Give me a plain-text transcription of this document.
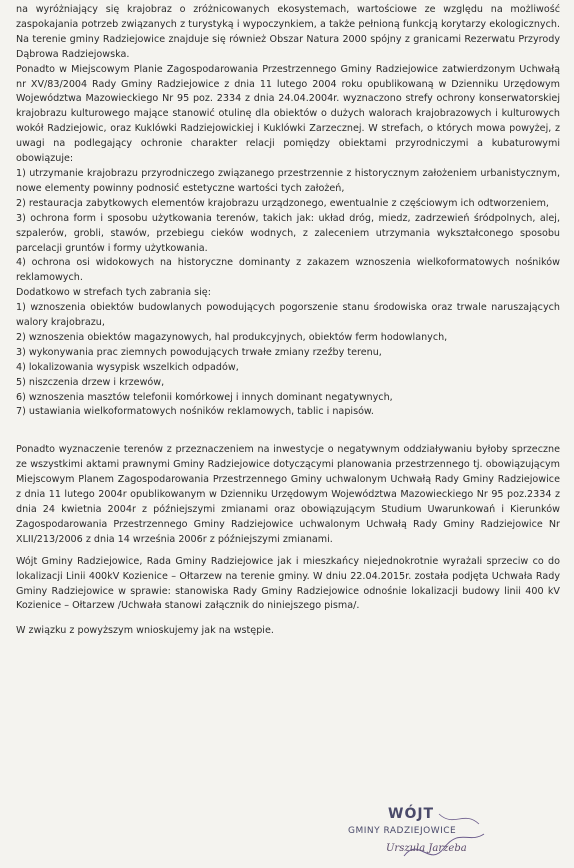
na wyróżniający się krajobraz o zróżnicowanych ekosystemach, wartościowe ze względu na możliwość zaspokajania potrzeb związanych z turystyką i wypoczynkiem, a także pełnioną funkcją korytarzy ekologicznych. Na terenie gminy Radziejowice znajduje się również Obszar Natura 2000 spójny z granicami Rezerwatu Przyrody Dąbrowa Radziejowska.

Ponadto w Miejscowym Planie Zagospodarowania Przestrzennego Gminy Radziejowice zatwierdzonym Uchwałą nr XV/83/2004 Rady Gminy Radziejowice z dnia 11 lutego 2004 roku opublikowaną w Dzienniku Urzędowym Województwa Mazowieckiego Nr 95 poz. 2334 z dnia 24.04.2004r. wyznaczono strefy ochrony konserwatorskiej krajobrazu kulturowego mające stanowić otulinę dla obiektów o dużych walorach krajobrazowych i kulturowych wokół Radziejowic, oraz Kuklówki Radziejowickiej i Kuklówki Zarzecznej. W strefach, o których mowa powyżej, z uwagi na podlegający ochronie charakter relacji pomiędzy obiektami przyrodniczymi a kubaturowymi obowiązuje:

1) utrzymanie krajobrazu przyrodniczego związanego przestrzennie z historycznym założeniem urbanistycznym, nowe elementy powinny podnosić estetyczne wartości tych założeń,

2) restauracja zabytkowych elementów krajobrazu urządzonego, ewentualnie z częściowym ich odtworzeniem,

3) ochrona form i sposobu użytkowania terenów, takich jak: układ dróg, miedz, zadrzewień śródpolnych, alej, szpalerów, grobli, stawów, przebiegu cieków wodnych, z zaleceniem utrzymania wykształconego sposobu parcelacji gruntów i formy użytkowania.

4) ochrona osi widokowych na historyczne dominanty z zakazem wznoszenia wielkoformatowych nośników reklamowych.

Dodatkowo w strefach tych zabrania się:

1) wznoszenia obiektów budowlanych powodujących pogorszenie stanu środowiska oraz trwale naruszających walory krajobrazu,

2) wznoszenia obiektów magazynowych, hal produkcyjnych, obiektów ferm hodowlanych,

3) wykonywania prac ziemnych powodujących trwałe zmiany rzeźby terenu,

4) lokalizowania wysypisk wszelkich odpadów,

5) niszczenia drzew i krzewów,

6) wznoszenia masztów telefonii komórkowej i innych dominant negatywnych,

7) ustawiania wielkoformatowych nośników reklamowych, tablic i napisów.

Ponadto wyznaczenie terenów z przeznaczeniem na inwestycje o negatywnym oddziaływaniu byłoby sprzeczne ze wszystkimi aktami prawnymi Gminy Radziejowice dotyczącymi planowania przestrzennego tj. obowiązującym Miejscowym Planem Zagospodarowania Przestrzennego Gminy uchwalonym Uchwałą Rady Gminy Radziejowice z dnia 11 lutego 2004r opublikowanym w Dzienniku Urzędowym Województwa Mazowieckiego Nr 95 poz.2334 z dnia 24 kwietnia 2004r z późniejszymi zmianami oraz obowiązującym Studium Uwarunkowań i Kierunków Zagospodarowania Przestrzennego Gminy Radziejowice uchwalonym Uchwałą Rady Gminy Radziejowice Nr XLII/213/2006 z dnia 14 września 2006r z późniejszymi zmianami.

Wójt Gminy Radziejowice, Rada Gminy Radziejowice jak i mieszkańcy niejednokrotnie wyrażali sprzeciw co do lokalizacji Linii 400kV Kozienice – Ołtarzew na terenie gminy. W dniu 22.04.2015r. została podjęta Uchwała Rady Gminy Radziejowice w sprawie: stanowiska Rady Gminy Radziejowice odnośnie lokalizacji budowy linii 400 kV Kozienice – Ołtarzew /Uchwała stanowi załącznik do niniejszego pisma/.

W związku z powyższym wnioskujemy jak na wstępie.

WÓJT
GMINY RADZIEJOWICE
Urszula Jarzeba
